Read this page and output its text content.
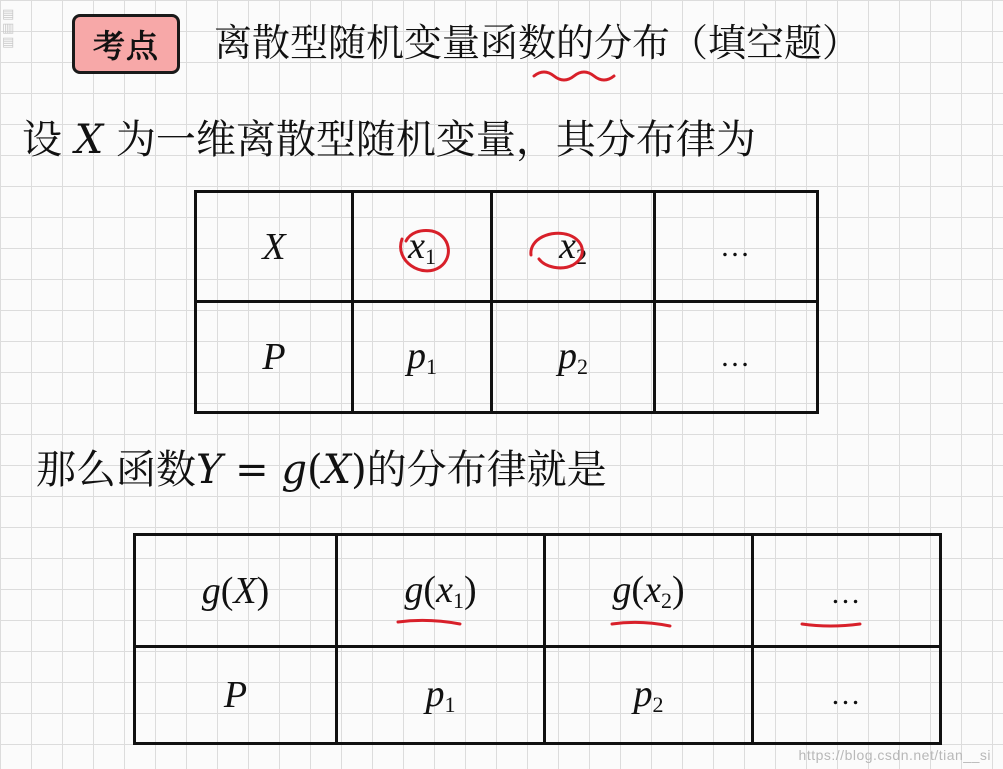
▤
▥
▤	考点	离散型随机变量函数的分布（填空题）
设 X 为一维离散型随机变量，其分布律为
X	$x_1$	$x_2$	…
P	$p_1$	$p_2$	…
那么函数Y = g(X)的分布律就是
g(X)	$g(x_1)$	$g(x_2)$	…

P	$p_1$	$p_2$	…
https://blog.csdn.net/tian__si
